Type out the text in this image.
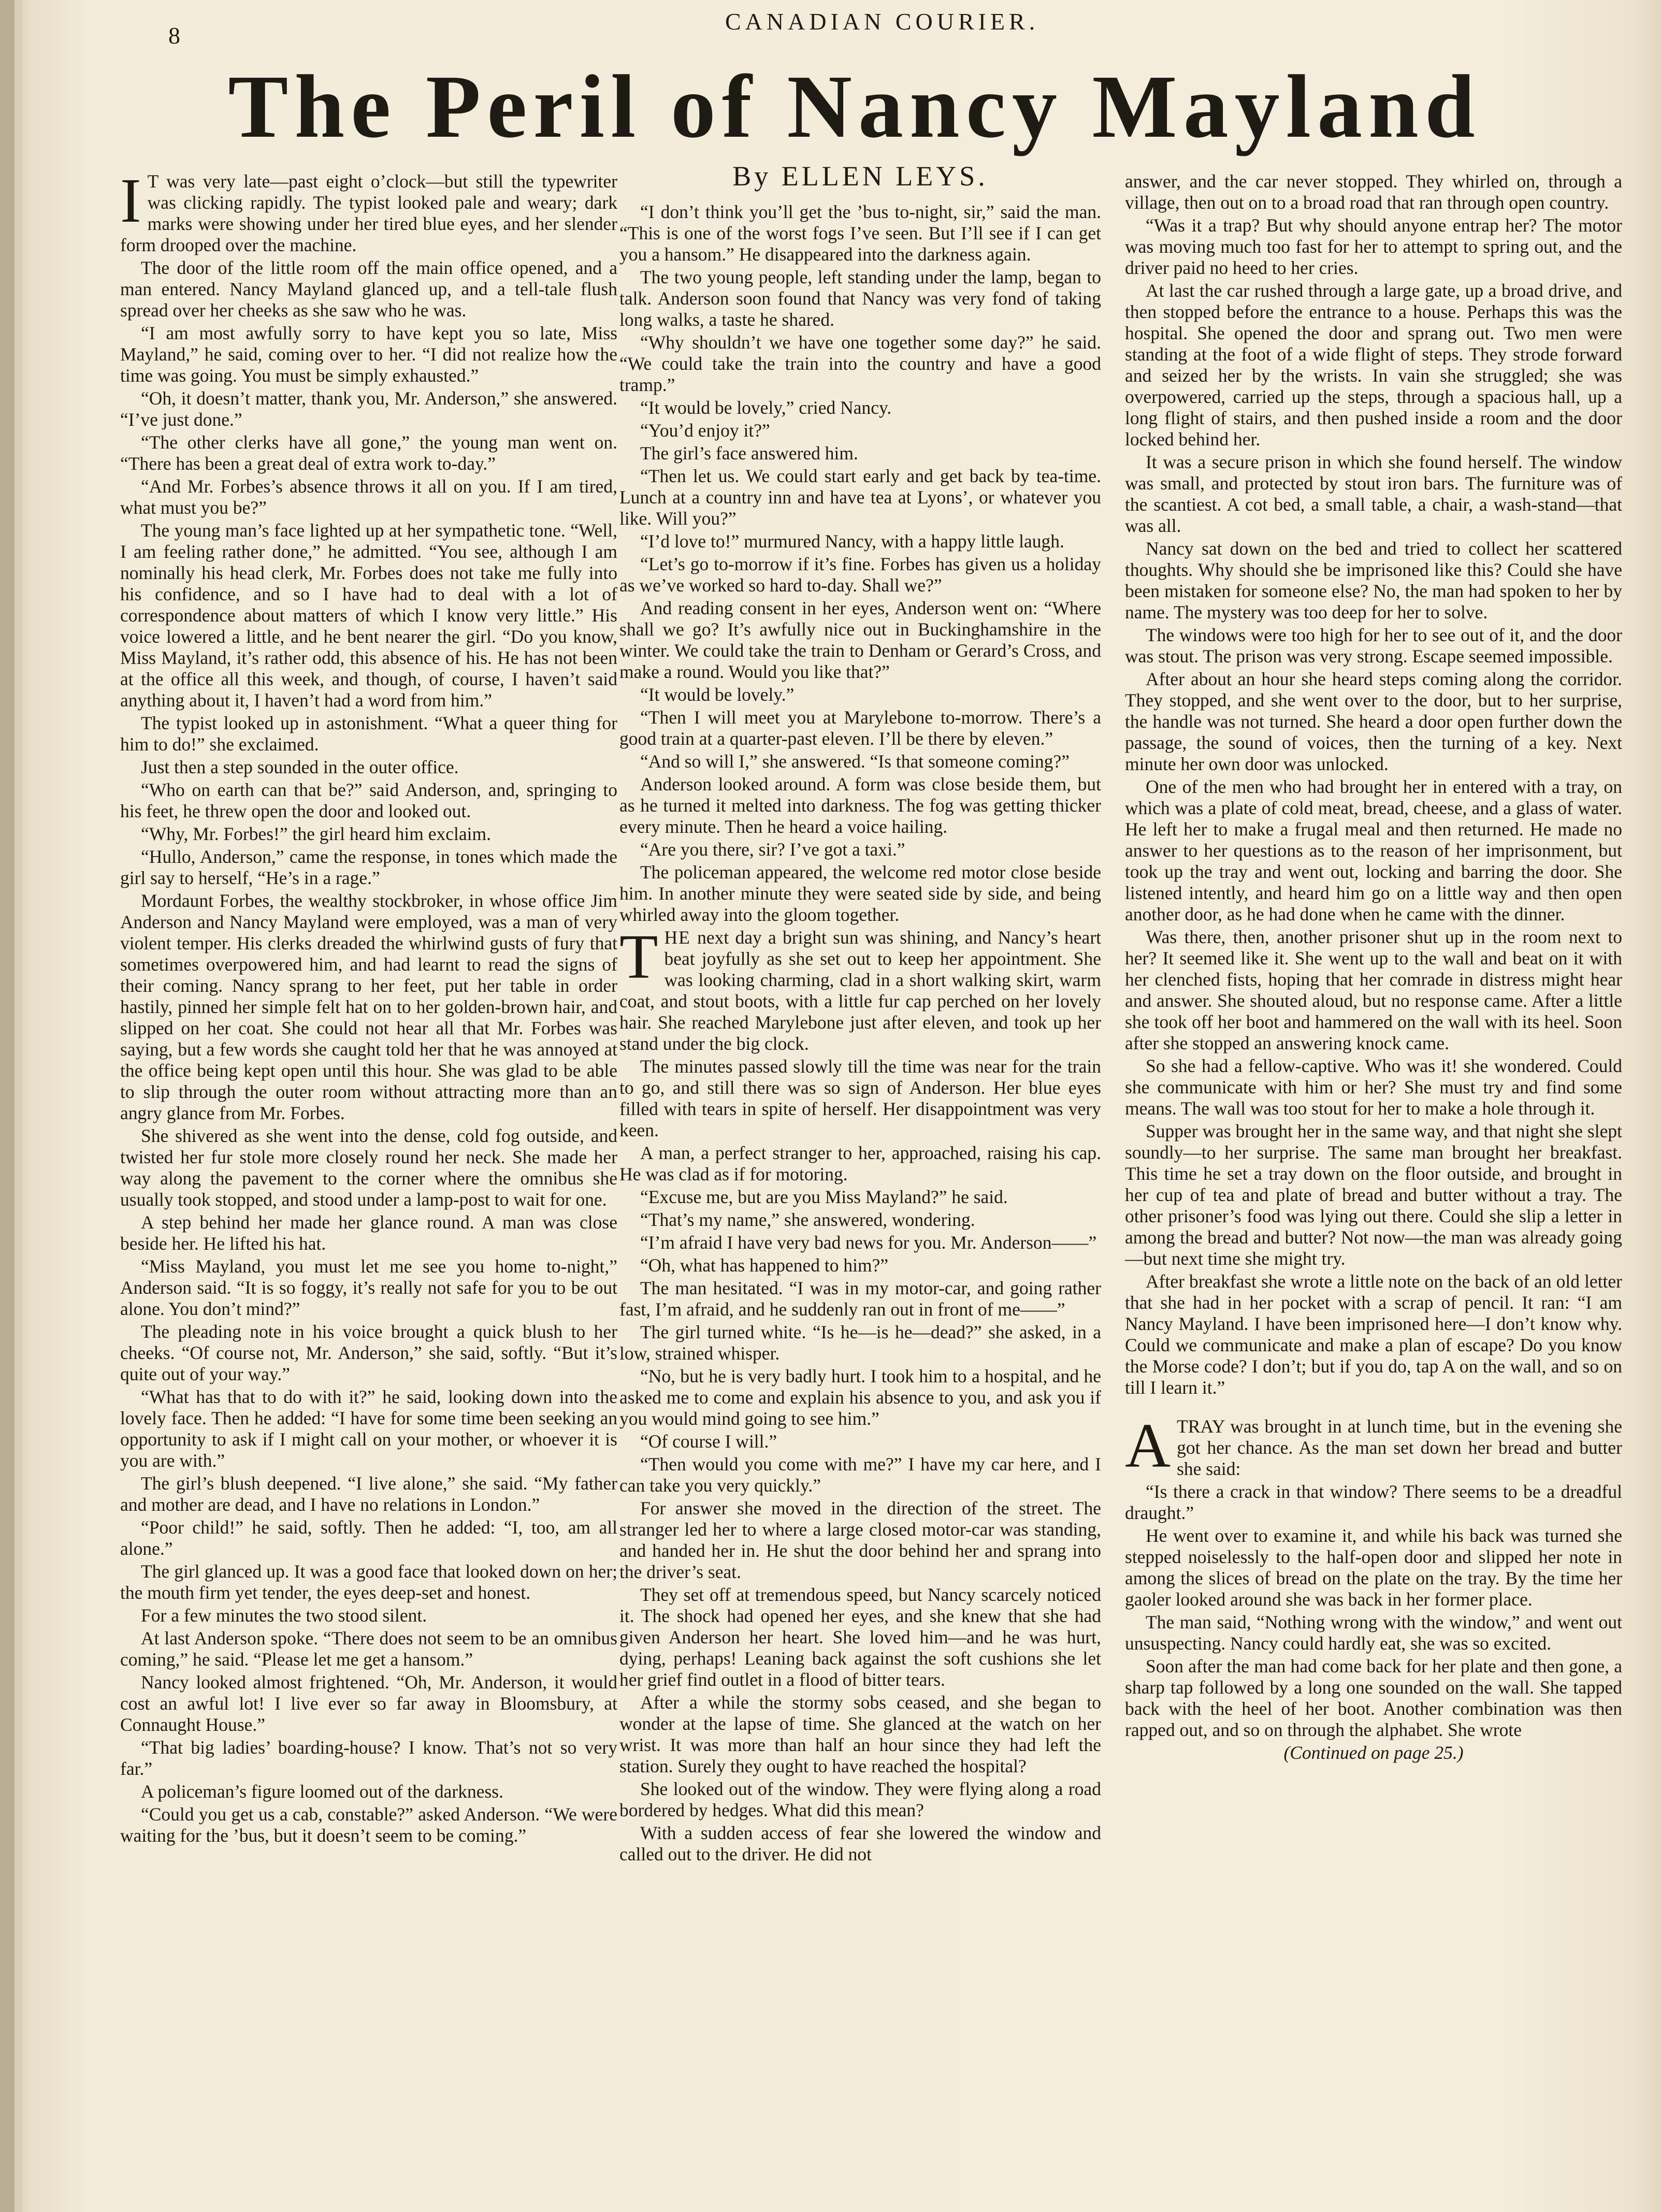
8
CANADIAN COURIER.
The Peril of Nancy Mayland

I T was very late—past eight o’clock—but still the typewriter was clicking rapidly. The typist looked pale and weary; dark marks were showing under her tired blue eyes, and her slender form drooped over the machine.

The door of the little room off the main office opened, and a man entered. Nancy Mayland glanced up, and a tell-tale flush spread over her cheeks as she saw who he was.

“I am most awfully sorry to have kept you so late, Miss Mayland,” he said, coming over to her. “I did not realize how the time was going. You must be simply exhausted.”

“Oh, it doesn’t matter, thank you, Mr. Anderson,” she answered. “I’ve just done.”

“The other clerks have all gone,” the young man went on. “There has been a great deal of extra work to-day.”

“And Mr. Forbes’s absence throws it all on you. If I am tired, what must you be?”

The young man’s face lighted up at her sympathetic tone. “Well, I am feeling rather done,” he admitted. “You see, although I am nominally his head clerk, Mr. Forbes does not take me fully into his confidence, and so I have had to deal with a lot of correspondence about matters of which I know very little.” His voice lowered a little, and he bent nearer the girl. “Do you know, Miss Mayland, it’s rather odd, this absence of his. He has not been at the office all this week, and though, of course, I haven’t said anything about it, I haven’t had a word from him.”

The typist looked up in astonishment. “What a queer thing for him to do!” she exclaimed.

Just then a step sounded in the outer office.

“Who on earth can that be?” said Anderson, and, springing to his feet, he threw open the door and looked out.

“Why, Mr. Forbes!” the girl heard him exclaim.

“Hullo, Anderson,” came the response, in tones which made the girl say to herself, “He’s in a rage.”

Mordaunt Forbes, the wealthy stockbroker, in whose office Jim Anderson and Nancy Mayland were employed, was a man of very violent temper. His clerks dreaded the whirlwind gusts of fury that sometimes overpowered him, and had learnt to read the signs of their coming. Nancy sprang to her feet, put her table in order hastily, pinned her simple felt hat on to her golden-brown hair, and slipped on her coat. She could not hear all that Mr. Forbes was saying, but a few words she caught told her that he was annoyed at the office being kept open until this hour. She was glad to be able to slip through the outer room without attracting more than an angry glance from Mr. Forbes.

She shivered as she went into the dense, cold fog outside, and twisted her fur stole more closely round her neck. She made her way along the pavement to the corner where the omnibus she usually took stopped, and stood under a lamp-post to wait for one.

A step behind her made her glance round. A man was close beside her. He lifted his hat.

“Miss Mayland, you must let me see you home to-night,” Anderson said. “It is so foggy, it’s really not safe for you to be out alone. You don’t mind?”

The pleading note in his voice brought a quick blush to her cheeks. “Of course not, Mr. Anderson,” she said, softly. “But it’s quite out of your way.”

“What has that to do with it?” he said, looking down into the lovely face. Then he added: “I have for some time been seeking an opportunity to ask if I might call on your mother, or whoever it is you are with.”

The girl’s blush deepened. “I live alone,” she said. “My father and mother are dead, and I have no relations in London.”

“Poor child!” he said, softly. Then he added: “I, too, am all alone.”

The girl glanced up. It was a good face that looked down on her; the mouth firm yet tender, the eyes deep-set and honest.

For a few minutes the two stood silent.

At last Anderson spoke. “There does not seem to be an omnibus coming,” he said. “Please let me get a hansom.”

Nancy looked almost frightened. “Oh, Mr. Anderson, it would cost an awful lot! I live ever so far away in Bloomsbury, at Connaught House.”

“That big ladies’ boarding-house? I know. That’s not so very far.”

A policeman’s figure loomed out of the darkness.

“Could you get us a cab, constable?” asked Anderson. “We were waiting for the ’bus, but it doesn’t seem to be coming.”

By ELLEN LEYS.

“I don’t think you’ll get the ’bus to-night, sir,” said the man. “This is one of the worst fogs I’ve seen. But I’ll see if I can get you a hansom.” He disappeared into the darkness again.

The two young people, left standing under the lamp, began to talk. Anderson soon found that Nancy was very fond of taking long walks, a taste he shared.

“Why shouldn’t we have one together some day?” he said. “We could take the train into the country and have a good tramp.”

“It would be lovely,” cried Nancy.

“You’d enjoy it?”

The girl’s face answered him.

“Then let us. We could start early and get back by tea-time. Lunch at a country inn and have tea at Lyons’, or whatever you like. Will you?”

“I’d love to!” murmured Nancy, with a happy little laugh.

“Let’s go to-morrow if it’s fine. Forbes has given us a holiday as we’ve worked so hard to-day. Shall we?”

And reading consent in her eyes, Anderson went on: “Where shall we go? It’s awfully nice out in Buckinghamshire in the winter. We could take the train to Denham or Gerard’s Cross, and make a round. Would you like that?”

“It would be lovely.”

“Then I will meet you at Marylebone to-morrow. There’s a good train at a quarter-past eleven. I’ll be there by eleven.”

“And so will I,” she answered. “Is that someone coming?”

Anderson looked around. A form was close beside them, but as he turned it melted into darkness. The fog was getting thicker every minute. Then he heard a voice hailing.

“Are you there, sir? I’ve got a taxi.”

The policeman appeared, the welcome red motor close beside him. In another minute they were seated side by side, and being whirled away into the gloom together.

THE next day a bright sun was shining, and Nancy’s heart beat joyfully as she set out to keep her appointment. She was looking charming, clad in a short walking skirt, warm coat, and stout boots, with a little fur cap perched on her lovely hair. She reached Marylebone just after eleven, and took up her stand under the big clock.

The minutes passed slowly till the time was near for the train to go, and still there was so sign of Anderson. Her blue eyes filled with tears in spite of herself. Her disappointment was very keen.

A man, a perfect stranger to her, approached, raising his cap. He was clad as if for motoring.

“Excuse me, but are you Miss Mayland?” he said.

“That’s my name,” she answered, wondering.

“I’m afraid I have very bad news for you. Mr. Anderson——”

“Oh, what has happened to him?”

The man hesitated. “I was in my motor-car, and going rather fast, I’m afraid, and he suddenly ran out in front of me——”

The girl turned white. “Is he—is he—dead?” she asked, in a low, strained whisper.

“No, but he is very badly hurt. I took him to a hospital, and he asked me to come and explain his absence to you, and ask you if you would mind going to see him.”

“Of course I will.”

“Then would you come with me?” I have my car here, and I can take you very quickly.”

For answer she moved in the direction of the street. The stranger led her to where a large closed motor-car was standing, and handed her in. He shut the door behind her and sprang into the driver’s seat.

They set off at tremendous speed, but Nancy scarcely noticed it. The shock had opened her eyes, and she knew that she had given Anderson her heart. She loved him—and he was hurt, dying, perhaps! Leaning back against the soft cushions she let her grief find outlet in a flood of bitter tears.

After a while the stormy sobs ceased, and she began to wonder at the lapse of time. She glanced at the watch on her wrist. It was more than half an hour since they had left the station. Surely they ought to have reached the hospital?

She looked out of the window. They were flying along a road bordered by hedges. What did this mean?

With a sudden access of fear she lowered the window and called out to the driver. He did not

answer, and the car never stopped. They whirled on, through a village, then out on to a broad road that ran through open country.

“Was it a trap? But why should anyone entrap her? The motor was moving much too fast for her to attempt to spring out, and the driver paid no heed to her cries.

At last the car rushed through a large gate, up a broad drive, and then stopped before the entrance to a house. Perhaps this was the hospital. She opened the door and sprang out. Two men were standing at the foot of a wide flight of steps. They strode forward and seized her by the wrists. In vain she struggled; she was overpowered, carried up the steps, through a spacious hall, up a long flight of stairs, and then pushed inside a room and the door locked behind her.

It was a secure prison in which she found herself. The window was small, and protected by stout iron bars. The furniture was of the scantiest. A cot bed, a small table, a chair, a wash-stand—that was all.

Nancy sat down on the bed and tried to collect her scattered thoughts. Why should she be imprisoned like this? Could she have been mistaken for someone else? No, the man had spoken to her by name. The mystery was too deep for her to solve.

The windows were too high for her to see out of it, and the door was stout. The prison was very strong. Escape seemed impossible.

After about an hour she heard steps coming along the corridor. They stopped, and she went over to the door, but to her surprise, the handle was not turned. She heard a door open further down the passage, the sound of voices, then the turning of a key. Next minute her own door was unlocked.

One of the men who had brought her in entered with a tray, on which was a plate of cold meat, bread, cheese, and a glass of water. He left her to make a frugal meal and then returned. He made no answer to her questions as to the reason of her imprisonment, but took up the tray and went out, locking and barring the door. She listened intently, and heard him go on a little way and then open another door, as he had done when he came with the dinner.

Was there, then, another prisoner shut up in the room next to her? It seemed like it. She went up to the wall and beat on it with her clenched fists, hoping that her comrade in distress might hear and answer. She shouted aloud, but no response came. After a little she took off her boot and hammered on the wall with its heel. Soon after she stopped an answering knock came.

So she had a fellow-captive. Who was it! she wondered. Could she communicate with him or her? She must try and find some means. The wall was too stout for her to make a hole through it.

Supper was brought her in the same way, and that night she slept soundly—to her surprise. The same man brought her breakfast. This time he set a tray down on the floor outside, and brought in her cup of tea and plate of bread and butter without a tray. The other prisoner’s food was lying out there. Could she slip a letter in among the bread and butter? Not now—the man was already going—but next time she might try.

After breakfast she wrote a little note on the back of an old letter that she had in her pocket with a scrap of pencil. It ran: “I am Nancy Mayland. I have been imprisoned here—I don’t know why. Could we communicate and make a plan of escape? Do you know the Morse code? I don’t; but if you do, tap A on the wall, and so on till I learn it.”

A TRAY was brought in at lunch time, but in the evening she got her chance. As the man set down her bread and butter she said:

“Is there a crack in that window? There seems to be a dreadful draught.”

He went over to examine it, and while his back was turned she stepped noiselessly to the half-open door and slipped her note in among the slices of bread on the plate on the tray. By the time her gaoler looked around she was back in her former place.

The man said, “Nothing wrong with the window,” and went out unsuspecting. Nancy could hardly eat, she was so excited.

Soon after the man had come back for her plate and then gone, a sharp tap followed by a long one sounded on the wall. She tapped back with the heel of her boot. Another combination was then rapped out, and so on through the alphabet. She wrote

(Continued on page 25.)
